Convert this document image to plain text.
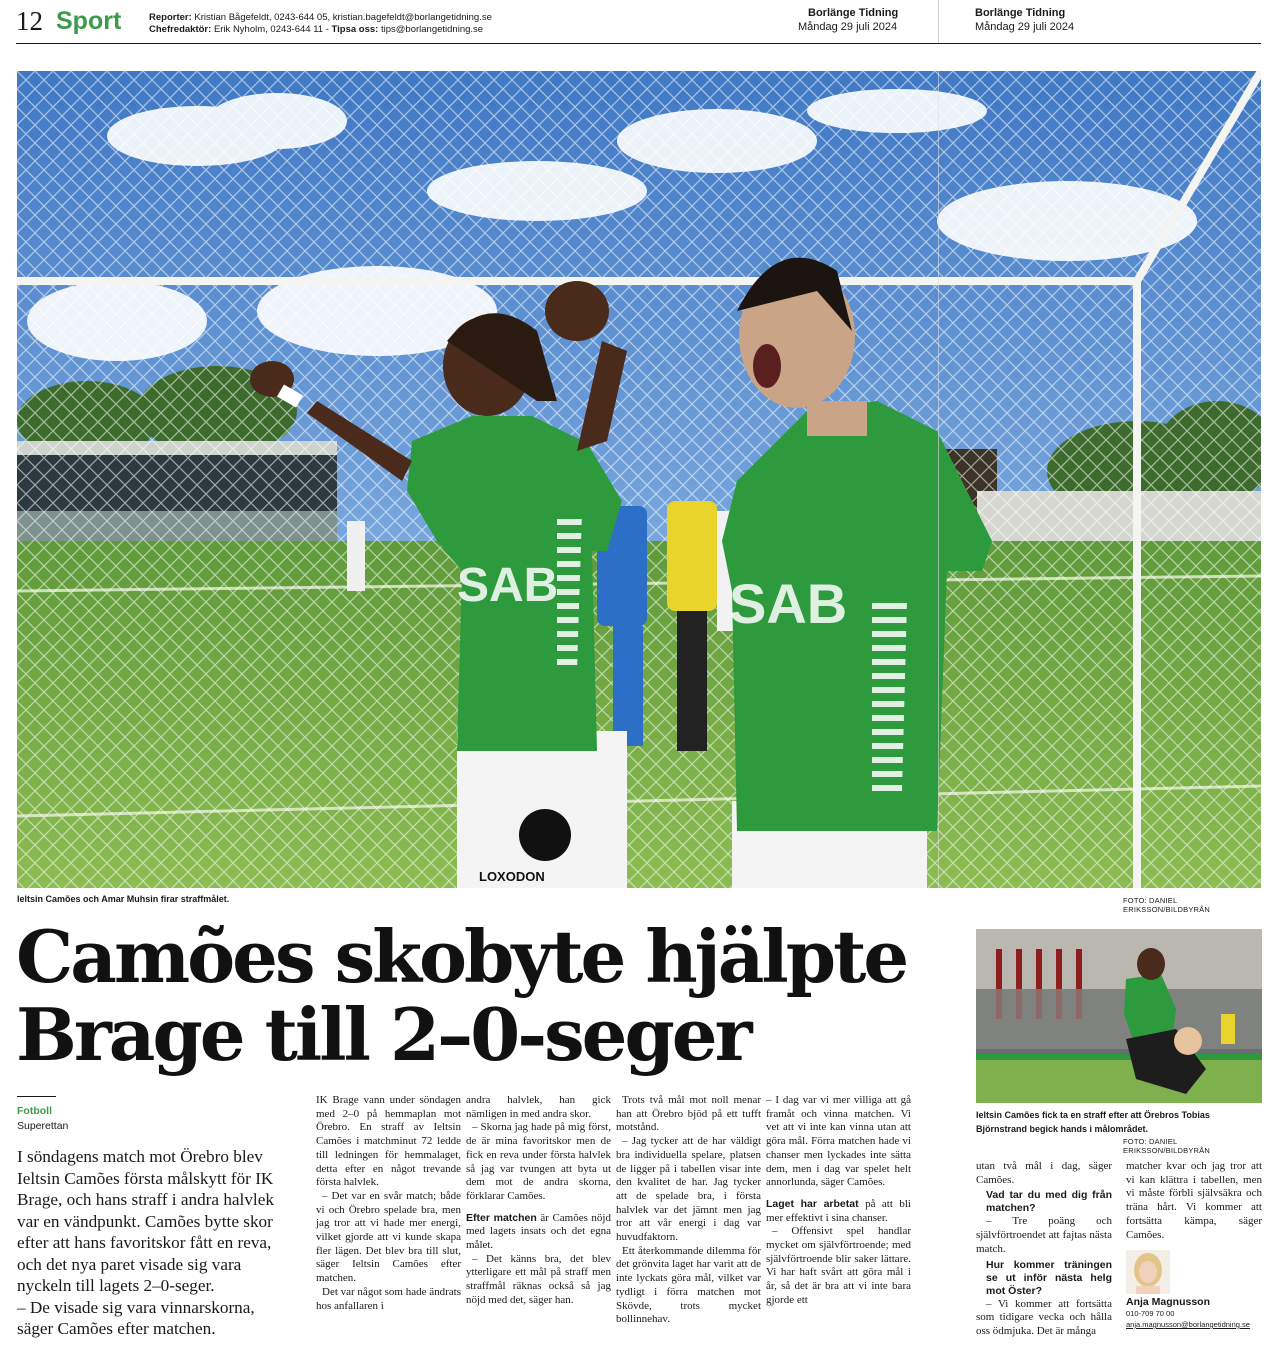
12 Sport	Reporter: Kristian Bågefeldt, 0243-644 05, kristian.bagefeldt@borlangetidning.se
Chefredaktör: Erik Nyholm, 0243-644 11 - Tipsa oss: tips@borlangetidning.se
Borlänge Tidning
Måndag 29 juli 2024
Borlänge Tidning
Måndag 29 juli 2024
LOXODON
SAB	SAB
Ieltsin Camões och Amar Muhsin firar straffmålet.	FOTO: DANIEL ERIKSSON/BILDBYRÅN
Camões skobyte hjälpte
Brage till 2–0-seger
Fotboll
Superettan
I söndagens match mot Örebro blev Ieltsin Camões första målskytt för IK Brage, och hans straff i andra halvlek var en vändpunkt. Camões bytte skor efter att hans favoritskor fått en reva, och det nya paret visade sig vara nyckeln till lagets 2–0-seger.
– De visade sig vara vinnarskorna, säger Camões efter matchen.

IK Brage vann under söndagen med 2–0 på hemmaplan mot Örebro. En straff av Ieltsin Camões i matchminut 72 ledde till ledningen för hemmalaget, detta efter en något trevande första halvlek.

– Det var en svår match; både vi och Örebro spelade bra, men jag tror att vi hade mer energi, vilket gjorde att vi kunde skapa fler lägen. Det blev bra till slut, säger Ieltsin Camões efter matchen.

Det var något som hade ändrats hos anfallaren i

andra halvlek, han gick nämligen in med andra skor.

– Skorna jag hade på mig först, de är mina favoritskor men de fick en reva under första halvlek så jag var tvungen att byta ut dem mot de andra skorna, förklarar Camões.

Efter matchen är Camões nöjd med lagets insats och det egna målet.

– Det känns bra, det blev ytterligare ett mål på straff men straffmål räknas också så jag nöjd med det, säger han.

Trots två mål mot noll menar han att Örebro bjöd på ett tufft motstånd.

– Jag tycker att de har väldigt bra individuella spelare, platsen de ligger på i tabellen visar inte den kvalitet de har. Jag tycker att de spelade bra, i första halvlek var det jämnt men jag tror att vår energi i dag var huvudfaktorn.

Ett återkommande dilemma för det grönvita laget har varit att de inte lyckats göra mål, vilket var tydligt i förra matchen mot Skövde, trots mycket bollinnehav.

– I dag var vi mer villiga att gå framåt och vinna matchen. Vi vet att vi inte kan vinna utan att göra mål. Förra matchen hade vi chanser men lyckades inte sätta dem, men i dag var spelet helt annorlunda, säger Camões.

Laget har arbetat på att bli mer effektivt i sina chanser.

– Offensivt spel handlar mycket om självförtroende; med självförtroende blir saker lättare. Vi har haft svårt att göra mål i år, så det är bra att vi inte bara gjorde ett

Ieltsin Camões fick ta en straff efter att Örebros Tobias Björnstrand begick hands i målområdet.
FOTO: DANIEL ERIKSSON/BILDBYRÅN

utan två mål i dag, säger Camões.

Vad tar du med dig från matchen?

– Tre poäng och självförtroendet att fajtas nästa match.

Hur kommer träningen se ut inför nästa helg mot Öster?

– Vi kommer att fortsätta som tidigare vecka och hålla oss ödmjuka. Det är många

matcher kvar och jag tror att vi kan klättra i tabellen, men vi måste förbli självsäkra och träna hårt. Vi kommer att fortsätta kämpa, säger Camões.

Anja Magnusson
010-709 70 00
anja.magnusson@borlangetidning.se
